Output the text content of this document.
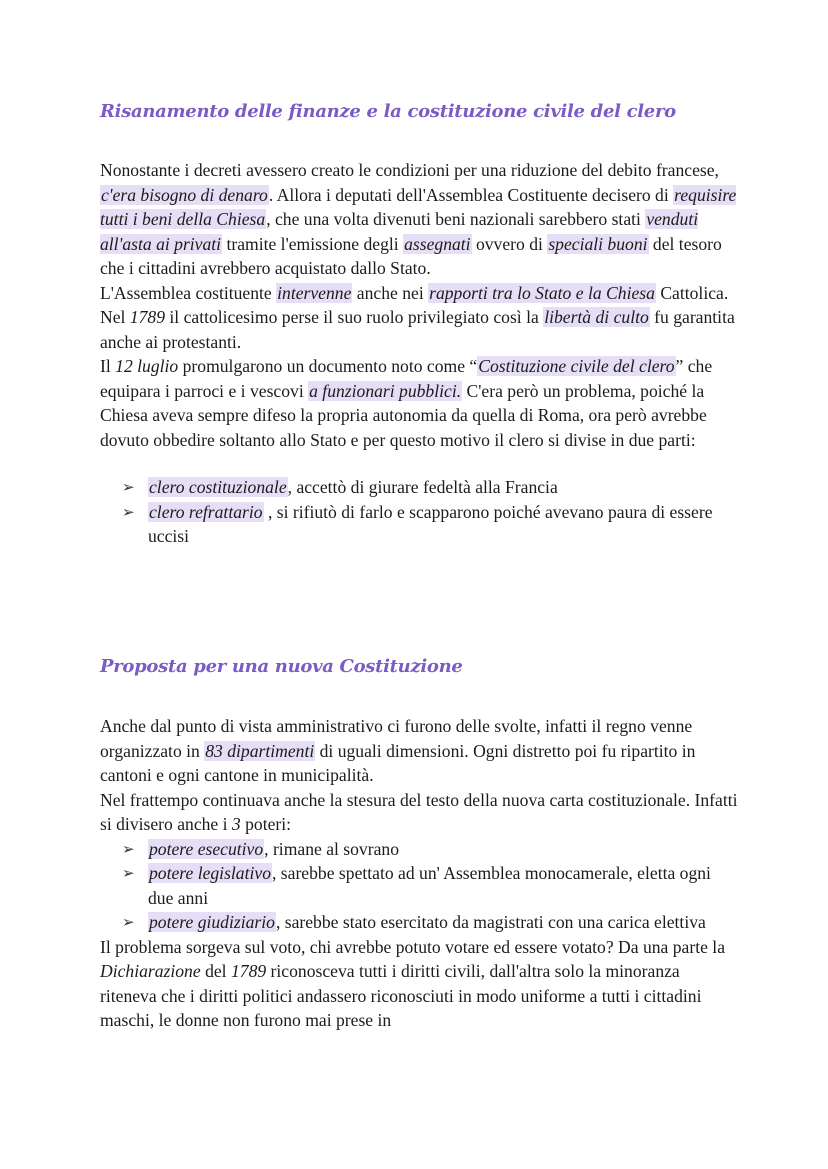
Risanamento delle finanze e la costituzione civile del clero

Nonostante i decreti avessero creato le condizioni per una riduzione del debito francese, c'era bisogno di denaro. Allora i deputati dell'Assemblea Costituente decisero di requisire tutti i beni della Chiesa, che una volta divenuti beni nazionali sarebbero stati venduti all'asta ai privati tramite l'emissione degli assegnati ovvero di speciali buoni del tesoro che i cittadini avrebbero acquistato dallo Stato.

L'Assemblea costituente intervenne anche nei rapporti tra lo Stato e la Chiesa Cattolica. Nel 1789 il cattolicesimo perse il suo ruolo privilegiato così la libertà di culto fu garantita anche ai protestanti.

Il 12 luglio promulgarono un documento noto come “Costituzione civile del clero” che equipara i parroci e i vescovi a funzionari pubblici. C'era però un problema, poiché la Chiesa aveva sempre difeso la propria autonomia da quella di Roma, ora però avrebbe dovuto obbedire soltanto allo Stato e per questo motivo il clero si divise in due parti:

➢ clero costituzionale, accettò di giurare fedeltà alla Francia
➢ clero refrattario , si rifiutò di farlo e scapparono poiché avevano paura di essere uccisi
Proposta per una nuova Costituzione

Anche dal punto di vista amministrativo ci furono delle svolte, infatti il regno venne organizzato in 83 dipartimenti di uguali dimensioni. Ogni distretto poi fu ripartito in cantoni e ogni cantone in municipalità.

Nel frattempo continuava anche la stesura del testo della nuova carta costituzionale. Infatti si divisero anche i 3 poteri:

➢ potere esecutivo, rimane al sovrano
➢ potere legislativo, sarebbe spettato ad un' Assemblea monocamerale, eletta ogni due anni
➢ potere giudiziario, sarebbe stato esercitato da magistrati con una carica elettiva

Il problema sorgeva sul voto, chi avrebbe potuto votare ed essere votato? Da una parte la Dichiarazione del 1789 riconosceva tutti i diritti civili, dall'altra solo la minoranza riteneva che i diritti politici andassero riconosciuti in modo uniforme a tutti i cittadini maschi, le donne non furono mai prese in
